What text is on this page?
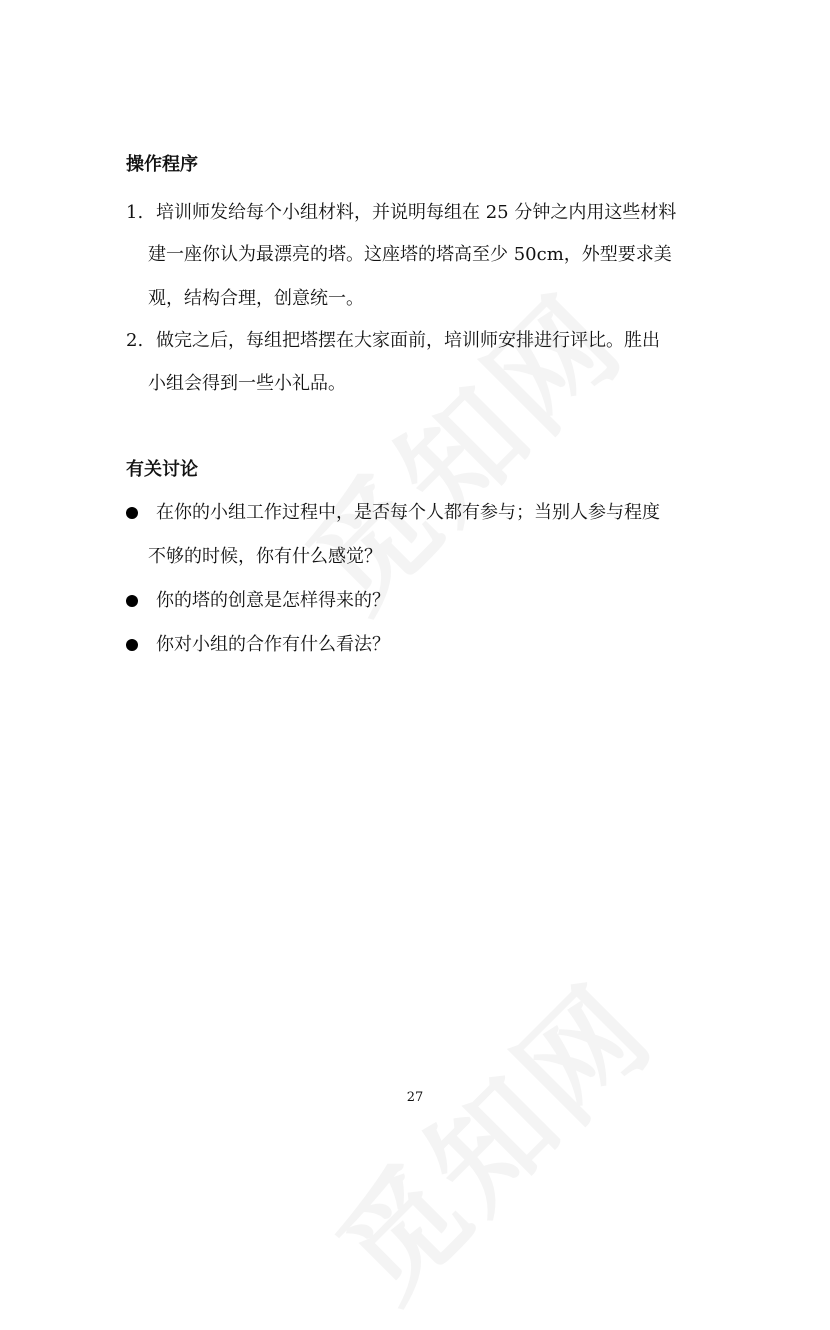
操作程序
1. 培训师发给每个小组材料，并说明每组在 25 分钟之内用这些材料
建一座你认为最漂亮的塔。这座塔的塔高至少 50cm，外型要求美
观，结构合理，创意统一。
2. 做完之后，每组把塔摆在大家面前，培训师安排进行评比。胜出
小组会得到一些小礼品。
有关讨论
在你的小组工作过程中，是否每个人都有参与；当别人参与程度
不够的时候，你有什么感觉？
你的塔的创意是怎样得来的？
你对小组的合作有什么看法？
27
